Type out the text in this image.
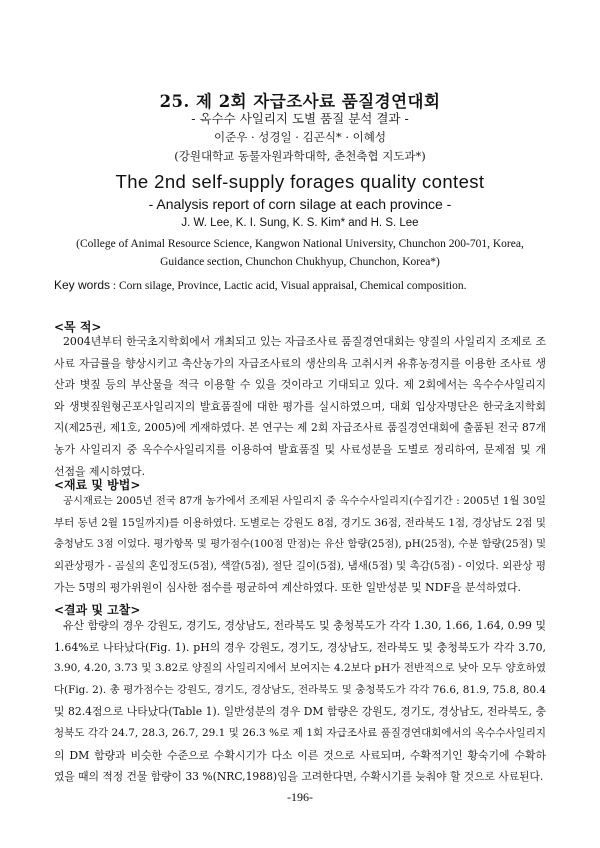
25. 제 2회 자급조사료 품질경연대회
- 옥수수 사일리지 도별 품질 분석 결과 -
이준우 · 성경일 · 김곤식* · 이혜성
(강원대학교 동물자원과학대학, 춘천축협 지도과*)
The 2nd self-supply forages quality contest
- Analysis report of corn silage at each province -
J. W. Lee, K. I. Sung, K. S. Kim* and H. S. Lee
(College of Animal Resource Science, Kangwon National University, Chunchon 200-701, Korea,
Guidance section, Chunchon Chukhyup, Chunchon, Korea*)
Key words : Corn silage, Province, Lactic acid, Visual appraisal, Chemical composition.
<목 적>
2004년부터 한국초지학회에서 개최되고 있는 자급조사료 품질경연대회는 양질의 사일리지 조제로 조
사료 자급률을 향상시키고 축산농가의 자급조사료의 생산의욕 고취시켜 유휴농경지를 이용한 조사료 생
산과 볏짚 등의 부산물을 적극 이용할 수 있을 것이라고 기대되고 있다. 제 2회에서는 옥수수사일리지
와 생볏짚원형곤포사일리지의 발효품질에 대한 평가를 실시하였으며, 대회 입상자명단은 한국초지학회
지(제25권, 제1호, 2005)에 게재하였다. 본 연구는 제 2회 자급조사료 품질경연대회에 출품된 전국 87개
농가 사일리지 중 옥수수사일리지를 이용하여 발효품질 및 사료성분을 도별로 정리하여, 문제점 및 개
선점을 제시하였다.
<재료 및 방법>
공시재료는 2005년 전국 87개 농가에서 조제된 사일리지 중 옥수수사일리지(수집기간 : 2005년 1월 30일
부터 동년 2월 15일까지)를 이용하였다. 도별로는 강원도 8점, 경기도 36점, 전라북도 1점, 경상남도 2점 및
충청남도 3점 이었다. 평가항목 및 평가점수(100점 만점)는 유산 함량(25점), pH(25점), 수분 함량(25점) 및
외관상평가 - 곰실의 혼입정도(5점), 색깔(5점), 절단 길이(5점), 냄새(5점) 및 촉감(5점) - 이었다. 외관상 평
가는 5명의 평가위원이 심사한 점수를 평균하여 계산하였다. 또한 일반성분 및 NDF을 분석하였다.
<결과 및 고찰>
유산 함량의 경우 강원도, 경기도, 경상남도, 전라북도 및 충청북도가 각각 1.30, 1.66, 1.64, 0.99 및
1.64%로 나타났다(Fig. 1). pH의 경우 강원도, 경기도, 경상남도, 전라북도 및 충청북도가 각각 3.70,
3.90, 4.20, 3.73 및 3.82로 양질의 사일리지에서 보여지는 4.2보다 pH가 전반적으로 낮아 모두 양호하였
다(Fig. 2). 총 평가점수는 강원도, 경기도, 경상남도, 전라북도 및 충청북도가 각각 76.6, 81.9, 75.8, 80.4
및 82.4점으로 나타났다(Table 1). 일반성분의 경우 DM 함량은 강원도, 경기도, 경상남도, 전라북도, 충
청북도 각각 24.7, 28.3, 26.7, 29.1 및 26.3 %로 제 1회 자급조사료 품질경연대회에서의 옥수수사일리지
의 DM 함량과 비슷한 수준으로 수확시기가 다소 이른 것으로 사료되며, 수확적기인 황숙기에 수확하
였을 때의 적정 건물 함량이 33 %(NRC,1988)임을 고려한다면, 수확시기를 늦춰야 할 것으로 사료된다.
-196-
